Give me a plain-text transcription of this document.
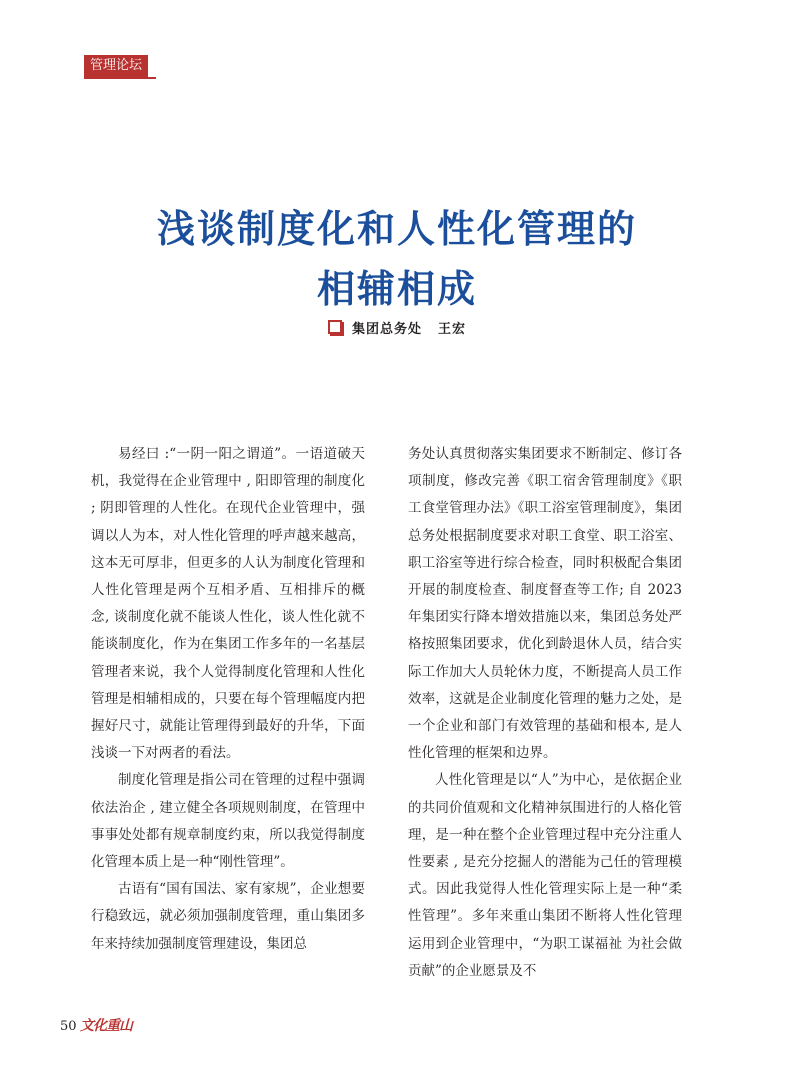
管理论坛
浅谈制度化和人性化管理的
相辅相成
集团总务处 王宏

易经曰 :“一阴一阳之谓道”。一语道破天机，我觉得在企业管理中 , 阳即管理的制度化 ; 阴即管理的人性化。在现代企业管理中，强调以人为本，对人性化管理的呼声越来越高，这本无可厚非，但更多的人认为制度化管理和人性化管理是两个互相矛盾、互相排斥的概念, 谈制度化就不能谈人性化，谈人性化就不能谈制度化，作为在集团工作多年的一名基层管理者来说，我个人觉得制度化管理和人性化管理是相辅相成的，只要在每个管理幅度内把握好尺寸，就能让管理得到最好的升华，下面浅谈一下对两者的看法。

制度化管理是指公司在管理的过程中强调依法治企 , 建立健全各项规则制度，在管理中事事处处都有规章制度约束，所以我觉得制度化管理本质上是一种“刚性管理”。

古语有“国有国法、家有家规”，企业想要行稳致远，就必须加强制度管理，重山集团多年来持续加强制度管理建设，集团总

务处认真贯彻落实集团要求不断制定、修订各项制度，修改完善《职工宿舍管理制度》《职工食堂管理办法》《职工浴室管理制度》，集团总务处根据制度要求对职工食堂、职工浴室、职工浴室等进行综合检查，同时积极配合集团开展的制度检查、制度督查等工作; 自 2023 年集团实行降本增效措施以来，集团总务处严格按照集团要求，优化到龄退休人员，结合实际工作加大人员轮休力度，不断提高人员工作效率，这就是企业制度化管理的魅力之处，是一个企业和部门有效管理的基础和根本, 是人性化管理的框架和边界。

人性化管理是以“人”为中心，是依据企业的共同价值观和文化精神氛围进行的人格化管理，是一种在整个企业管理过程中充分注重人性要素 , 是充分挖掘人的潜能为己任的管理模式。因此我觉得人性化管理实际上是一种“柔性管理”。多年来重山集团不断将人性化管理运用到企业管理中，“为职工谋福祉 为社会做贡献”的企业愿景及不

50 文化重山
